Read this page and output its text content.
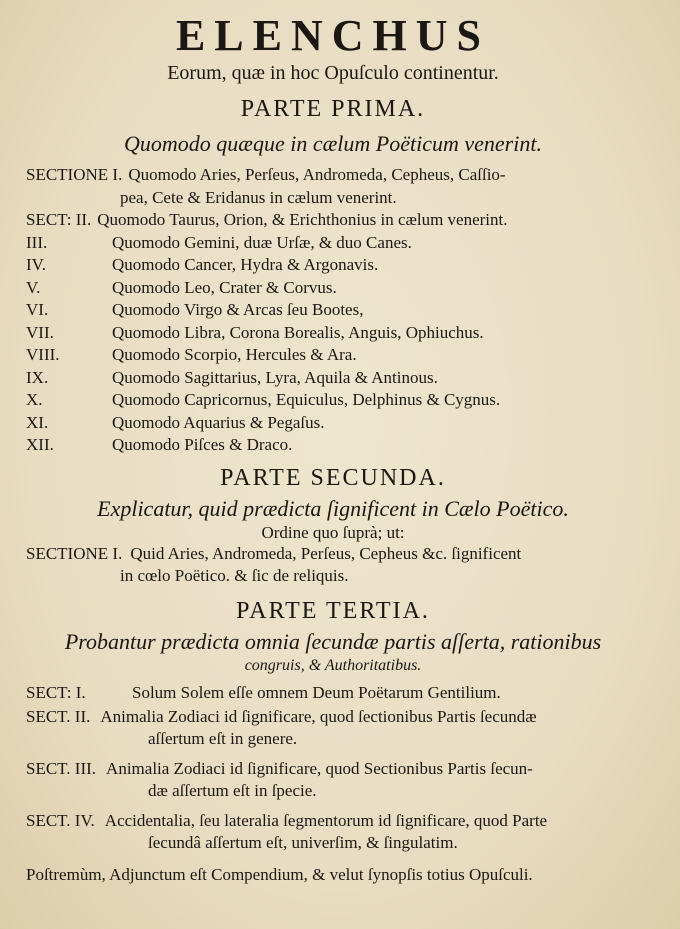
ELENCHUS
Eorum, quæ in hoc Opuſculo continentur.
PARTE PRIMA.
Quomodo quæque in cælum Poëticum venerint.
SECTIONE I. Quomodo Aries, Perſeus, Andromeda, Cepheus, Caſſio-
pea, Cete & Eridanus in cælum venerint.
SECT: II. Quomodo Taurus, Orion, & Erichthonius in cælum venerint.
III.	Quomodo Gemini, duæ Urſæ, & duo Canes.
IV.	Quomodo Cancer, Hydra & Argonavis.
V.	Quomodo Leo, Crater & Corvus.
VI.	Quomodo Virgo & Arcas ſeu Bootes,
VII.	Quomodo Libra, Corona Borealis, Anguis, Ophiuchus.
VIII.	Quomodo Scorpio, Hercules & Ara.
IX.	Quomodo Sagittarius, Lyra, Aquila & Antinous.
X.	Quomodo Capricornus, Equiculus, Delphinus & Cygnus.
XI.	Quomodo Aquarius & Pegaſus.
XII.	Quomodo Piſces & Draco.
PARTE SECUNDA.
Explicatur, quid prædicta ſignificent in Cælo Poëtico.
Ordine quo ſuprà; ut:
SECTIONE I. Quid Aries, Andromeda, Perſeus, Cepheus &c. ſignificent
in cœlo Poëtico. & ſic de reliquis.
PARTE TERTIA.
Probantur prædicta omnia ſecundæ partis aſſerta, rationibus
congruis, & Authoritatibus.
SECT: I.	Solum Solem eſſe omnem Deum Poëtarum Gentilium.
SECT. II. Animalia Zodiaci id ſignificare, quod ſectionibus Partis ſecundæ
aſſertum eſt in genere.
SECT. III. Animalia Zodiaci id ſignificare, quod Sectionibus Partis ſecun-
dæ aſſertum eſt in ſpecie.
SECT. IV. Accidentalia, ſeu lateralia ſegmentorum id ſignificare, quod Parte
ſecundâ aſſertum eſt, univerſim, & ſingulatim.
Poſtremùm, Adjunctum eſt Compendium, & velut ſynopſis totius Opuſculi.
